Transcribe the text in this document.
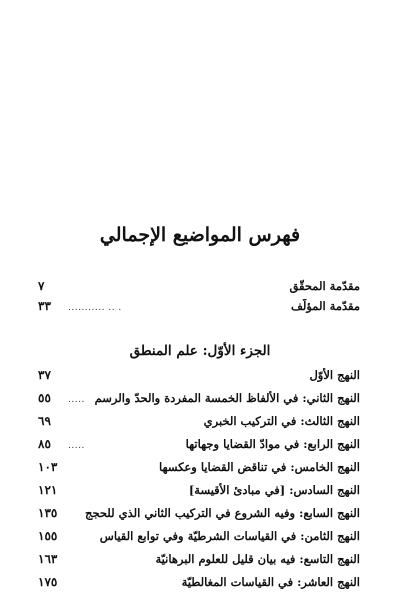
فهرس المواضيع الإجمالي
مقدّمة المحقّق
٧
مقدّمة المؤلّف
. .. ...........
٣٣
الجزء الأوّل: علم المنطق
النهج الأوّل
٣٧
النهج الثاني: في الألفاظ الخمسة المفردة والحدّ والرسم
.....
٥٥
النهج الثالث: في التركيب الخبري
٦٩
النهج الرابع: في موادّ القضايا وجهاتها
.....
٨٥
النهج الخامس: في تناقض القضايا وعكسها
١٠٣
النهج السادس: [في مبادئ الأقيسة]
١٢١
النهج السابع: وفيه الشروع في التركيب الثاني الذي للحجج
١٣٥
النهج الثامن: في القياسات الشرطيّة وفي توابع القياس
١٥٥
النهج التاسع: فيه بيان قليل للعلوم البرهانيّة
١٦٣
النهج العاشر: في القياسات المغالطيّة
١٧٥
